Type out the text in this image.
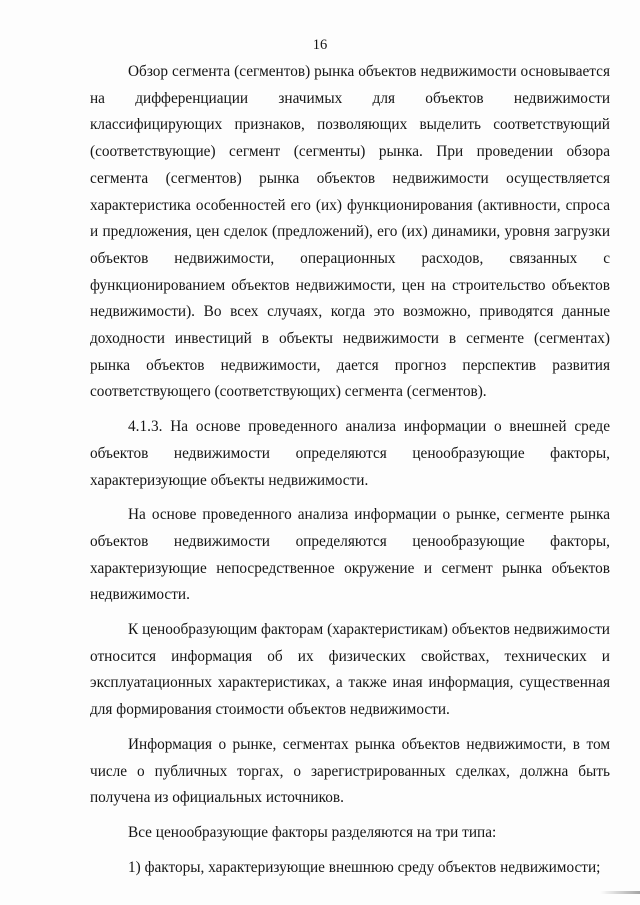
16

Обзор сегмента (сегментов) рынка объектов недвижимости основывается на дифференциации значимых для объектов недвижимости классифицирующих признаков, позволяющих выделить соответствующий (соответствующие) сегмент (сегменты) рынка. При проведении обзора сегмента (сегментов) рынка объектов недвижимости осуществляется характеристика особенностей его (их) функционирования (активности, спроса и предложения, цен сделок (предложений), его (их) динамики, уровня загрузки объектов недвижимости, операционных расходов, связанных с функционированием объектов недвижимости, цен на строительство объектов недвижимости). Во всех случаях, когда это возможно, приводятся данные доходности инвестиций в объекты недвижимости в сегменте (сегментах) рынка объектов недвижимости, дается прогноз перспектив развития соответствующего (соответствующих) сегмента (сегментов).

4.1.3. На основе проведенного анализа информации о внешней среде объектов недвижимости определяются ценообразующие факторы, характеризующие объекты недвижимости.

На основе проведенного анализа информации о рынке, сегменте рынка объектов недвижимости определяются ценообразующие факторы, характеризующие непосредственное окружение и сегмент рынка объектов недвижимости.

К ценообразующим факторам (характеристикам) объектов недвижимости относится информация об их физических свойствах, технических и эксплуатационных характеристиках, а также иная информация, существенная для формирования стоимости объектов недвижимости.

Информация о рынке, сегментах рынка объектов недвижимости, в том числе о публичных торгах, о зарегистрированных сделках, должна быть получена из официальных источников.

Все ценообразующие факторы разделяются на три типа:

1) факторы, характеризующие внешнюю среду объектов недвижимости;
